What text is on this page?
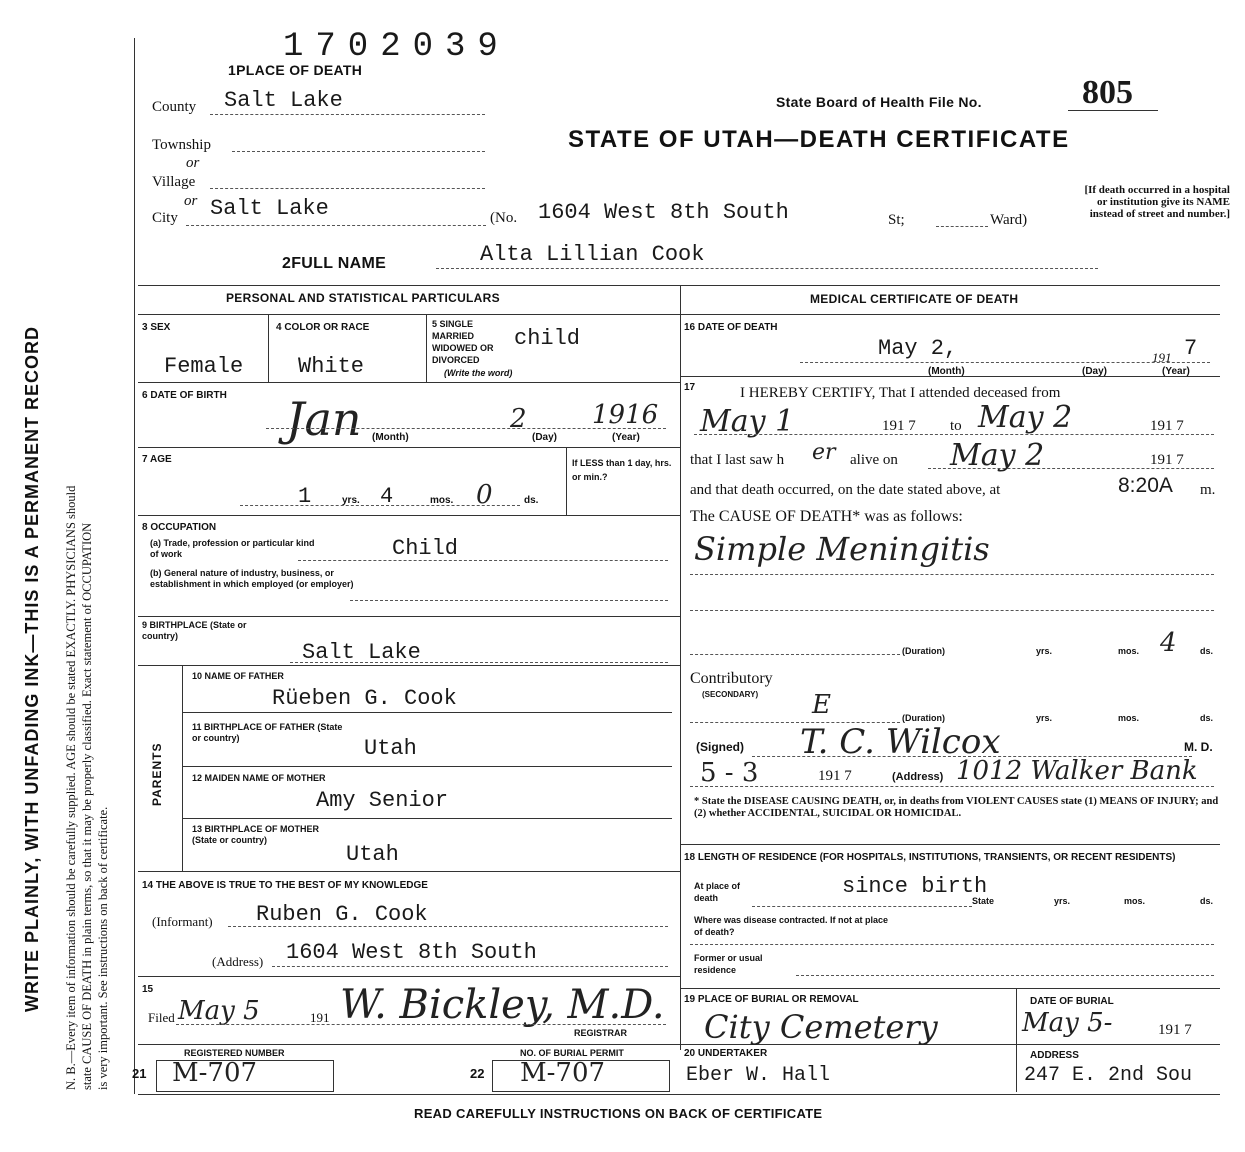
WRITE PLAINLY, WITH UNFADING INK—THIS IS A PERMANENT RECORD N. B.—Every item of information should be carefully supplied. AGE should be stated EXACTLY. PHYSICIANS should state CAUSE OF DEATH in plain terms, so that it may be properly classified. Exact statement of OCCUPATION is very important. See instructions on back of certificate.
1702039
1PLACE OF DEATH
State Board of Health File No.	805
STATE OF UTAH—DEATH CERTIFICATE
[If death occurred in a hospital or institution give its NAME instead of street and number.]
County Salt Lake
Township
or
Village
or
City Salt Lake	(No. 1604 West 8th South	St;	Ward)
2FULL NAME	Alta Lillian Cook
PERSONAL AND STATISTICAL PARTICULARS	MEDICAL CERTIFICATE OF DEATH
3 SEX
Female
4 COLOR OR RACE
White
5 SINGLE MARRIED WIDOWED OR DIVORCED
child
(Write the word)
6 DATE OF BIRTH Jan	2	1916
(Month)	(Day)	(Year)
7 AGE
1	yrs. 4	mos. 0	ds.
If LESS than 1 day, hrs. or min.?
8 OCCUPATION
(a) Trade, profession or particular kind of work	Child
(b) General nature of industry, business, or establishment in which employed (or employer)
9 BIRTHPLACE (State or country)
Salt Lake
PARENTS
10 NAME OF FATHER
Rüeben G. Cook
11 BIRTHPLACE OF FATHER (State or country)	Utah
12 MAIDEN NAME OF MOTHER
Amy Senior
13 BIRTHPLACE OF MOTHER (State or country)
Utah
14 THE ABOVE IS TRUE TO THE BEST OF MY KNOWLEDGE
(Informant) Ruben G. Cook
(Address) 1604 West 8th South
15
Filed May 5	191 W. Bickley, M.D.
REGISTRAR
REGISTERED NUMBER
21 M-707
NO. OF BURIAL PERMIT
22 M-707
16 DATE OF DEATH
May 2,	191 7
(Month)	(Day)	(Year)
17	I HEREBY CERTIFY, That I attended deceased from
May 1	191 7 to May 2	191 7
that I last saw h er alive on May 2	191 7
and that death occurred, on the date stated above, at	8:20A m.
The CAUSE OF DEATH* was as follows:
Simple Meningitis
(Duration)	yrs.	mos. 4	ds.
Contributory
(SECONDARY) E	(Duration)	yrs.	mos.	ds.
(Signed) T. C. Wilcox	M. D.
5 - 3	191 7	(Address) 1012 Walker Bank
* State the DISEASE CAUSING DEATH, or, in deaths from VIOLENT CAUSES state (1) MEANS OF INJURY; and (2) whether ACCIDENTAL, SUICIDAL OR HOMICIDAL.
18 LENGTH OF RESIDENCE (FOR HOSPITALS, INSTITUTIONS, TRANSIENTS, OR RECENT RESIDENTS)
At place of death	since birth
State	yrs.	mos.	ds.
Where was disease contracted. If not at place of death?
Former or usual residence
19 PLACE OF BURIAL OR REMOVAL
City Cemetery
DATE OF BURIAL
May 5-	191 7
20 UNDERTAKER
Eber W. Hall
ADDRESS
247 E. 2nd Sou
READ CAREFULLY INSTRUCTIONS ON BACK OF CERTIFICATE
